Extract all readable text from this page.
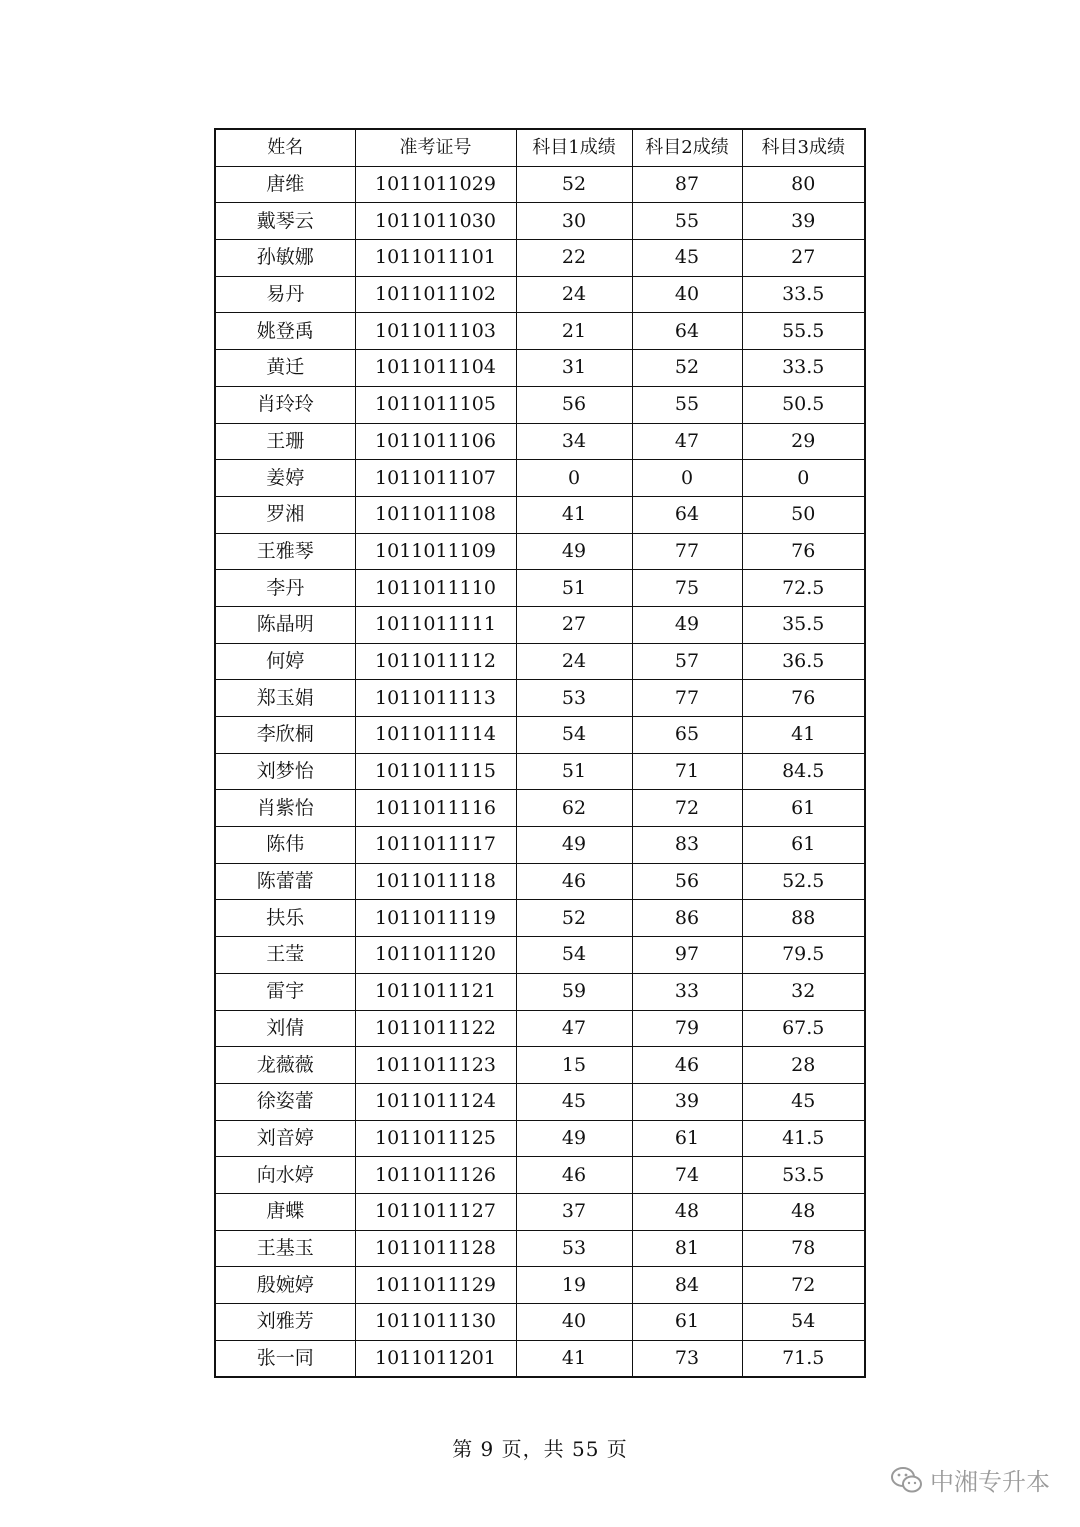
姓名	准考证号	科目1成绩	科目2成绩	科目3成绩
唐维	1011011029	52	87	80
戴琴云	1011011030	30	55	39
孙敏娜	1011011101	22	45	27
易丹	1011011102	24	40	33.5
姚登禹	1011011103	21	64	55.5
黄迁	1011011104	31	52	33.5
肖玲玲	1011011105	56	55	50.5
王珊	1011011106	34	47	29
姜婷	1011011107	0	0	0
罗湘	1011011108	41	64	50
王雅琴	1011011109	49	77	76
李丹	1011011110	51	75	72.5
陈晶明	1011011111	27	49	35.5
何婷	1011011112	24	57	36.5
郑玉娟	1011011113	53	77	76
李欣桐	1011011114	54	65	41
刘梦怡	1011011115	51	71	84.5
肖紫怡	1011011116	62	72	61
陈伟	1011011117	49	83	61
陈蕾蕾	1011011118	46	56	52.5
扶乐	1011011119	52	86	88
王莹	1011011120	54	97	79.5
雷宇	1011011121	59	33	32
刘倩	1011011122	47	79	67.5
龙薇薇	1011011123	15	46	28
徐姿蕾	1011011124	45	39	45
刘音婷	1011011125	49	61	41.5
向水婷	1011011126	46	74	53.5
唐蝶	1011011127	37	48	48
王基玉	1011011128	53	81	78
殷婉婷	1011011129	19	84	72
刘雅芳	1011011130	40	61	54
张一同	1011011201	41	73	71.5
第 9 页，共 55 页
中湘专升本
